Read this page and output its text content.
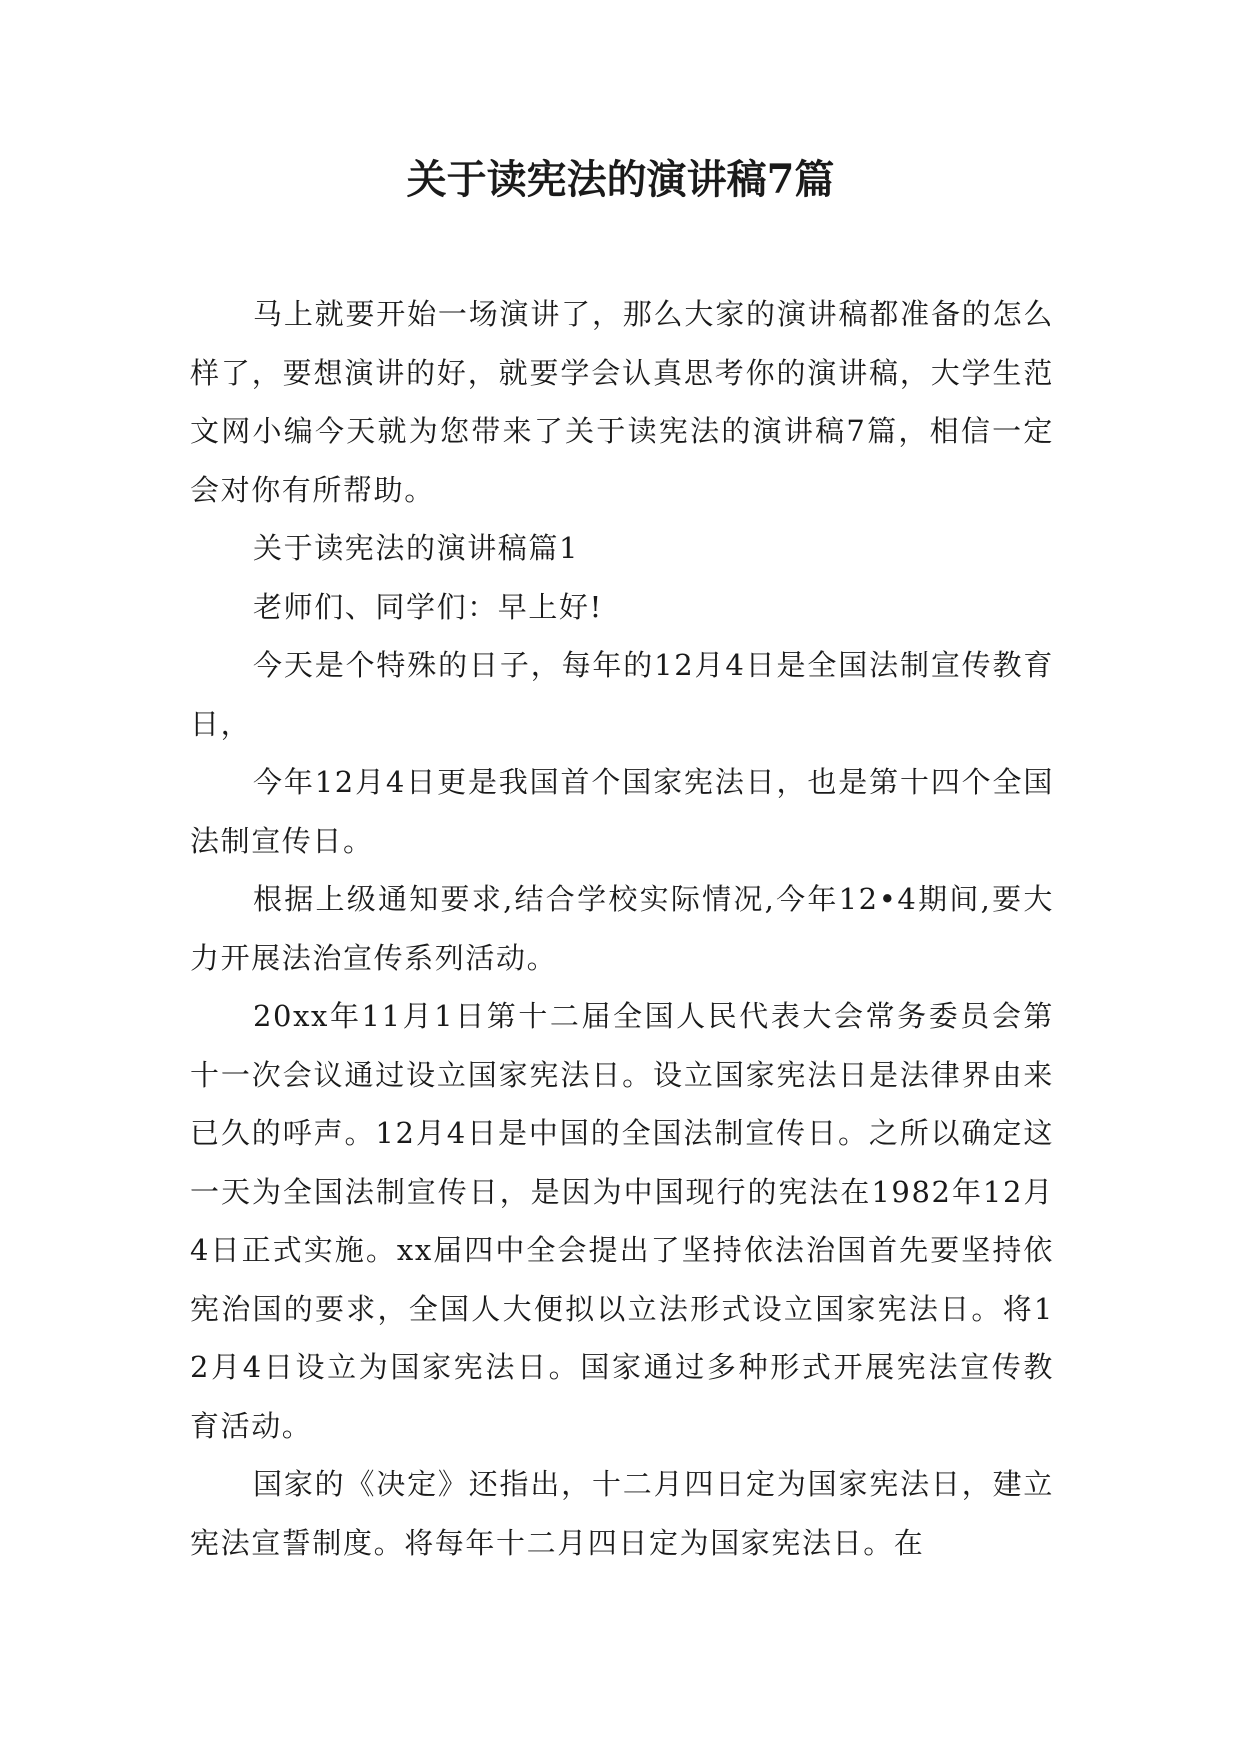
关于读宪法的演讲稿7篇

马上就要开始一场演讲了，那么大家的演讲稿都准备的怎么样了，要想演讲的好，就要学会认真思考你的演讲稿，大学生范文网小编今天就为您带来了关于读宪法的演讲稿7篇，相信一定会对你有所帮助。

关于读宪法的演讲稿篇1

老师们、同学们：早上好!

今天是个特殊的日子，每年的12月4日是全国法制宣传教育日，

今年12月4日更是我国首个国家宪法日，也是第十四个全国法制宣传日。

根据上级通知要求,结合学校实际情况,今年12•4期间,要大力开展法治宣传系列活动。

20xx年11月1日第十二届全国人民代表大会常务委员会第十一次会议通过设立国家宪法日。设立国家宪法日是法律界由来已久的呼声。12月4日是中国的全国法制宣传日。之所以确定这一天为全国法制宣传日，是因为中国现行的宪法在1982年12月4日正式实施。xx届四中全会提出了坚持依法治国首先要坚持依宪治国的要求，全国人大便拟以立法形式设立国家宪法日。将12月4日设立为国家宪法日。国家通过多种形式开展宪法宣传教育活动。

国家的《决定》还指出，十二月四日定为国家宪法日，建立宪法宣誓制度。将每年十二月四日定为国家宪法日。在
